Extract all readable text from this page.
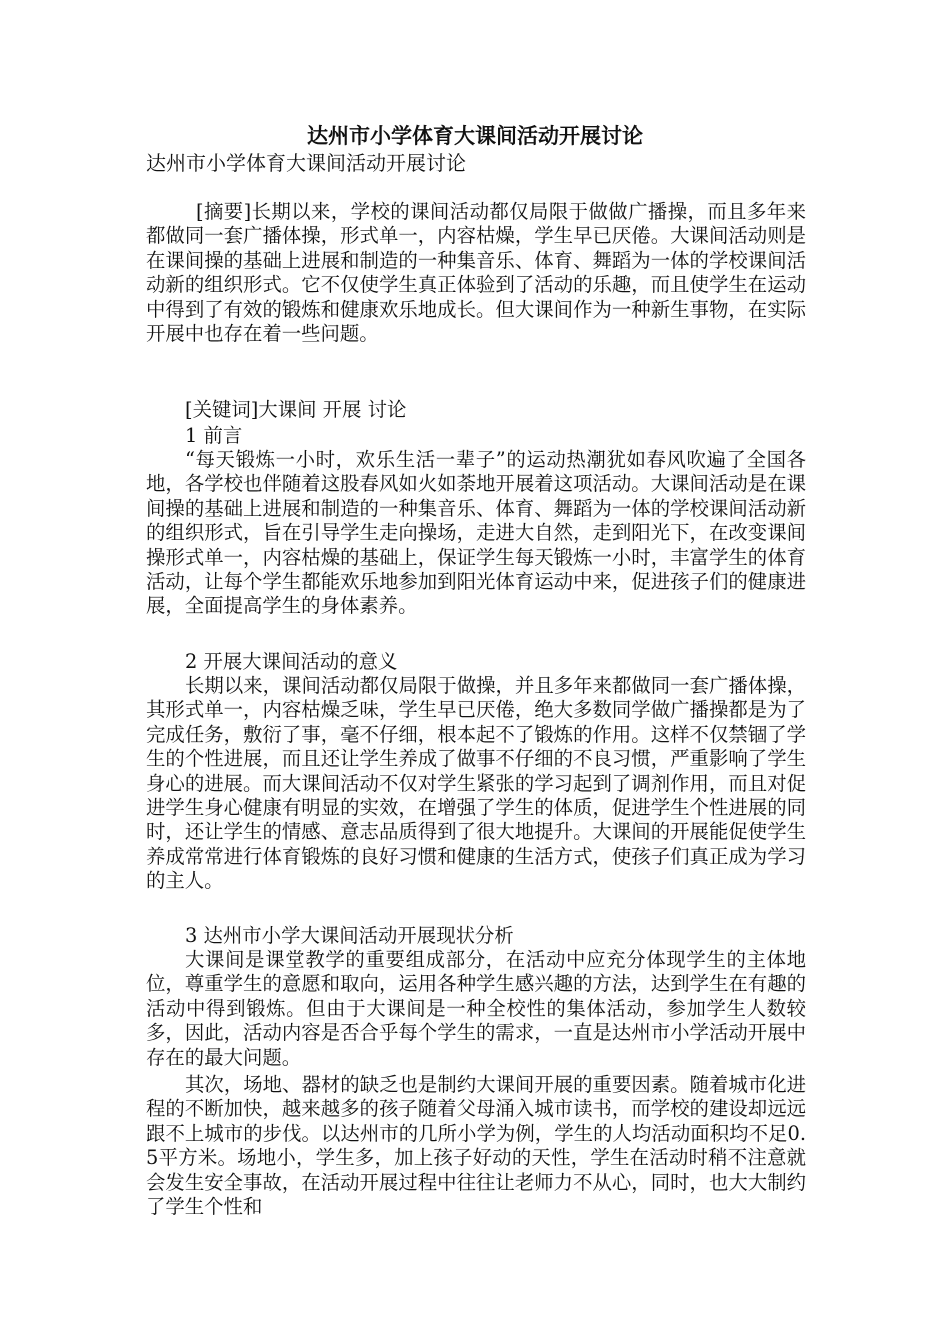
达州市小学体育大课间活动开展讨论
达州市小学体育大课间活动开展讨论

[摘要]长期以来，学校的课间活动都仅局限于做做广播操，而且多年来都做同一套广播体操，形式单一，内容枯燥，学生早已厌倦。大课间活动则是在课间操的基础上进展和制造的一种集音乐、体育、舞蹈为一体的学校课间活动新的组织形式。它不仅使学生真正体验到了活动的乐趣，而且使学生在运动中得到了有效的锻炼和健康欢乐地成长。但大课间作为一种新生事物，在实际开展中也存在着一些问题。

[关键词]大课间 开展 讨论

1 前言

“每天锻炼一小时，欢乐生活一辈子”的运动热潮犹如春风吹遍了全国各地，各学校也伴随着这股春风如火如荼地开展着这项活动。大课间活动是在课间操的基础上进展和制造的一种集音乐、体育、舞蹈为一体的学校课间活动新的组织形式，旨在引导学生走向操场，走进大自然，走到阳光下，在改变课间操形式单一，内容枯燥的基础上，保证学生每天锻炼一小时，丰富学生的体育活动，让每个学生都能欢乐地参加到阳光体育运动中来，促进孩子们的健康进展，全面提高学生的身体素养。

2 开展大课间活动的意义

长期以来，课间活动都仅局限于做操，并且多年来都做同一套广播体操，其形式单一，内容枯燥乏味，学生早已厌倦，绝大多数同学做广播操都是为了完成任务，敷衍了事，毫不仔细，根本起不了锻炼的作用。这样不仅禁锢了学生的个性进展，而且还让学生养成了做事不仔细的不良习惯，严重影响了学生身心的进展。而大课间活动不仅对学生紧张的学习起到了调剂作用，而且对促进学生身心健康有明显的实效，在增强了学生的体质，促进学生个性进展的同时，还让学生的情感、意志品质得到了很大地提升。大课间的开展能促使学生养成常常进行体育锻炼的良好习惯和健康的生活方式，使孩子们真正成为学习的主人。

3 达州市小学大课间活动开展现状分析

大课间是课堂教学的重要组成部分，在活动中应充分体现学生的主体地位，尊重学生的意愿和取向，运用各种学生感兴趣的方法，达到学生在有趣的活动中得到锻炼。但由于大课间是一种全校性的集体活动，参加学生人数较多，因此，活动内容是否合乎每个学生的需求，一直是达州市小学活动开展中存在的最大问题。

其次，场地、器材的缺乏也是制约大课间开展的重要因素。随着城市化进程的不断加快，越来越多的孩子随着父母涌入城市读书，而学校的建设却远远跟不上城市的步伐。以达州市的几所小学为例，学生的人均活动面积均不足0.5平方米。场地小，学生多，加上孩子好动的天性，学生在活动时稍不注意就会发生安全事故，在活动开展过程中往往让老师力不从心，同时，也大大制约了学生个性和
